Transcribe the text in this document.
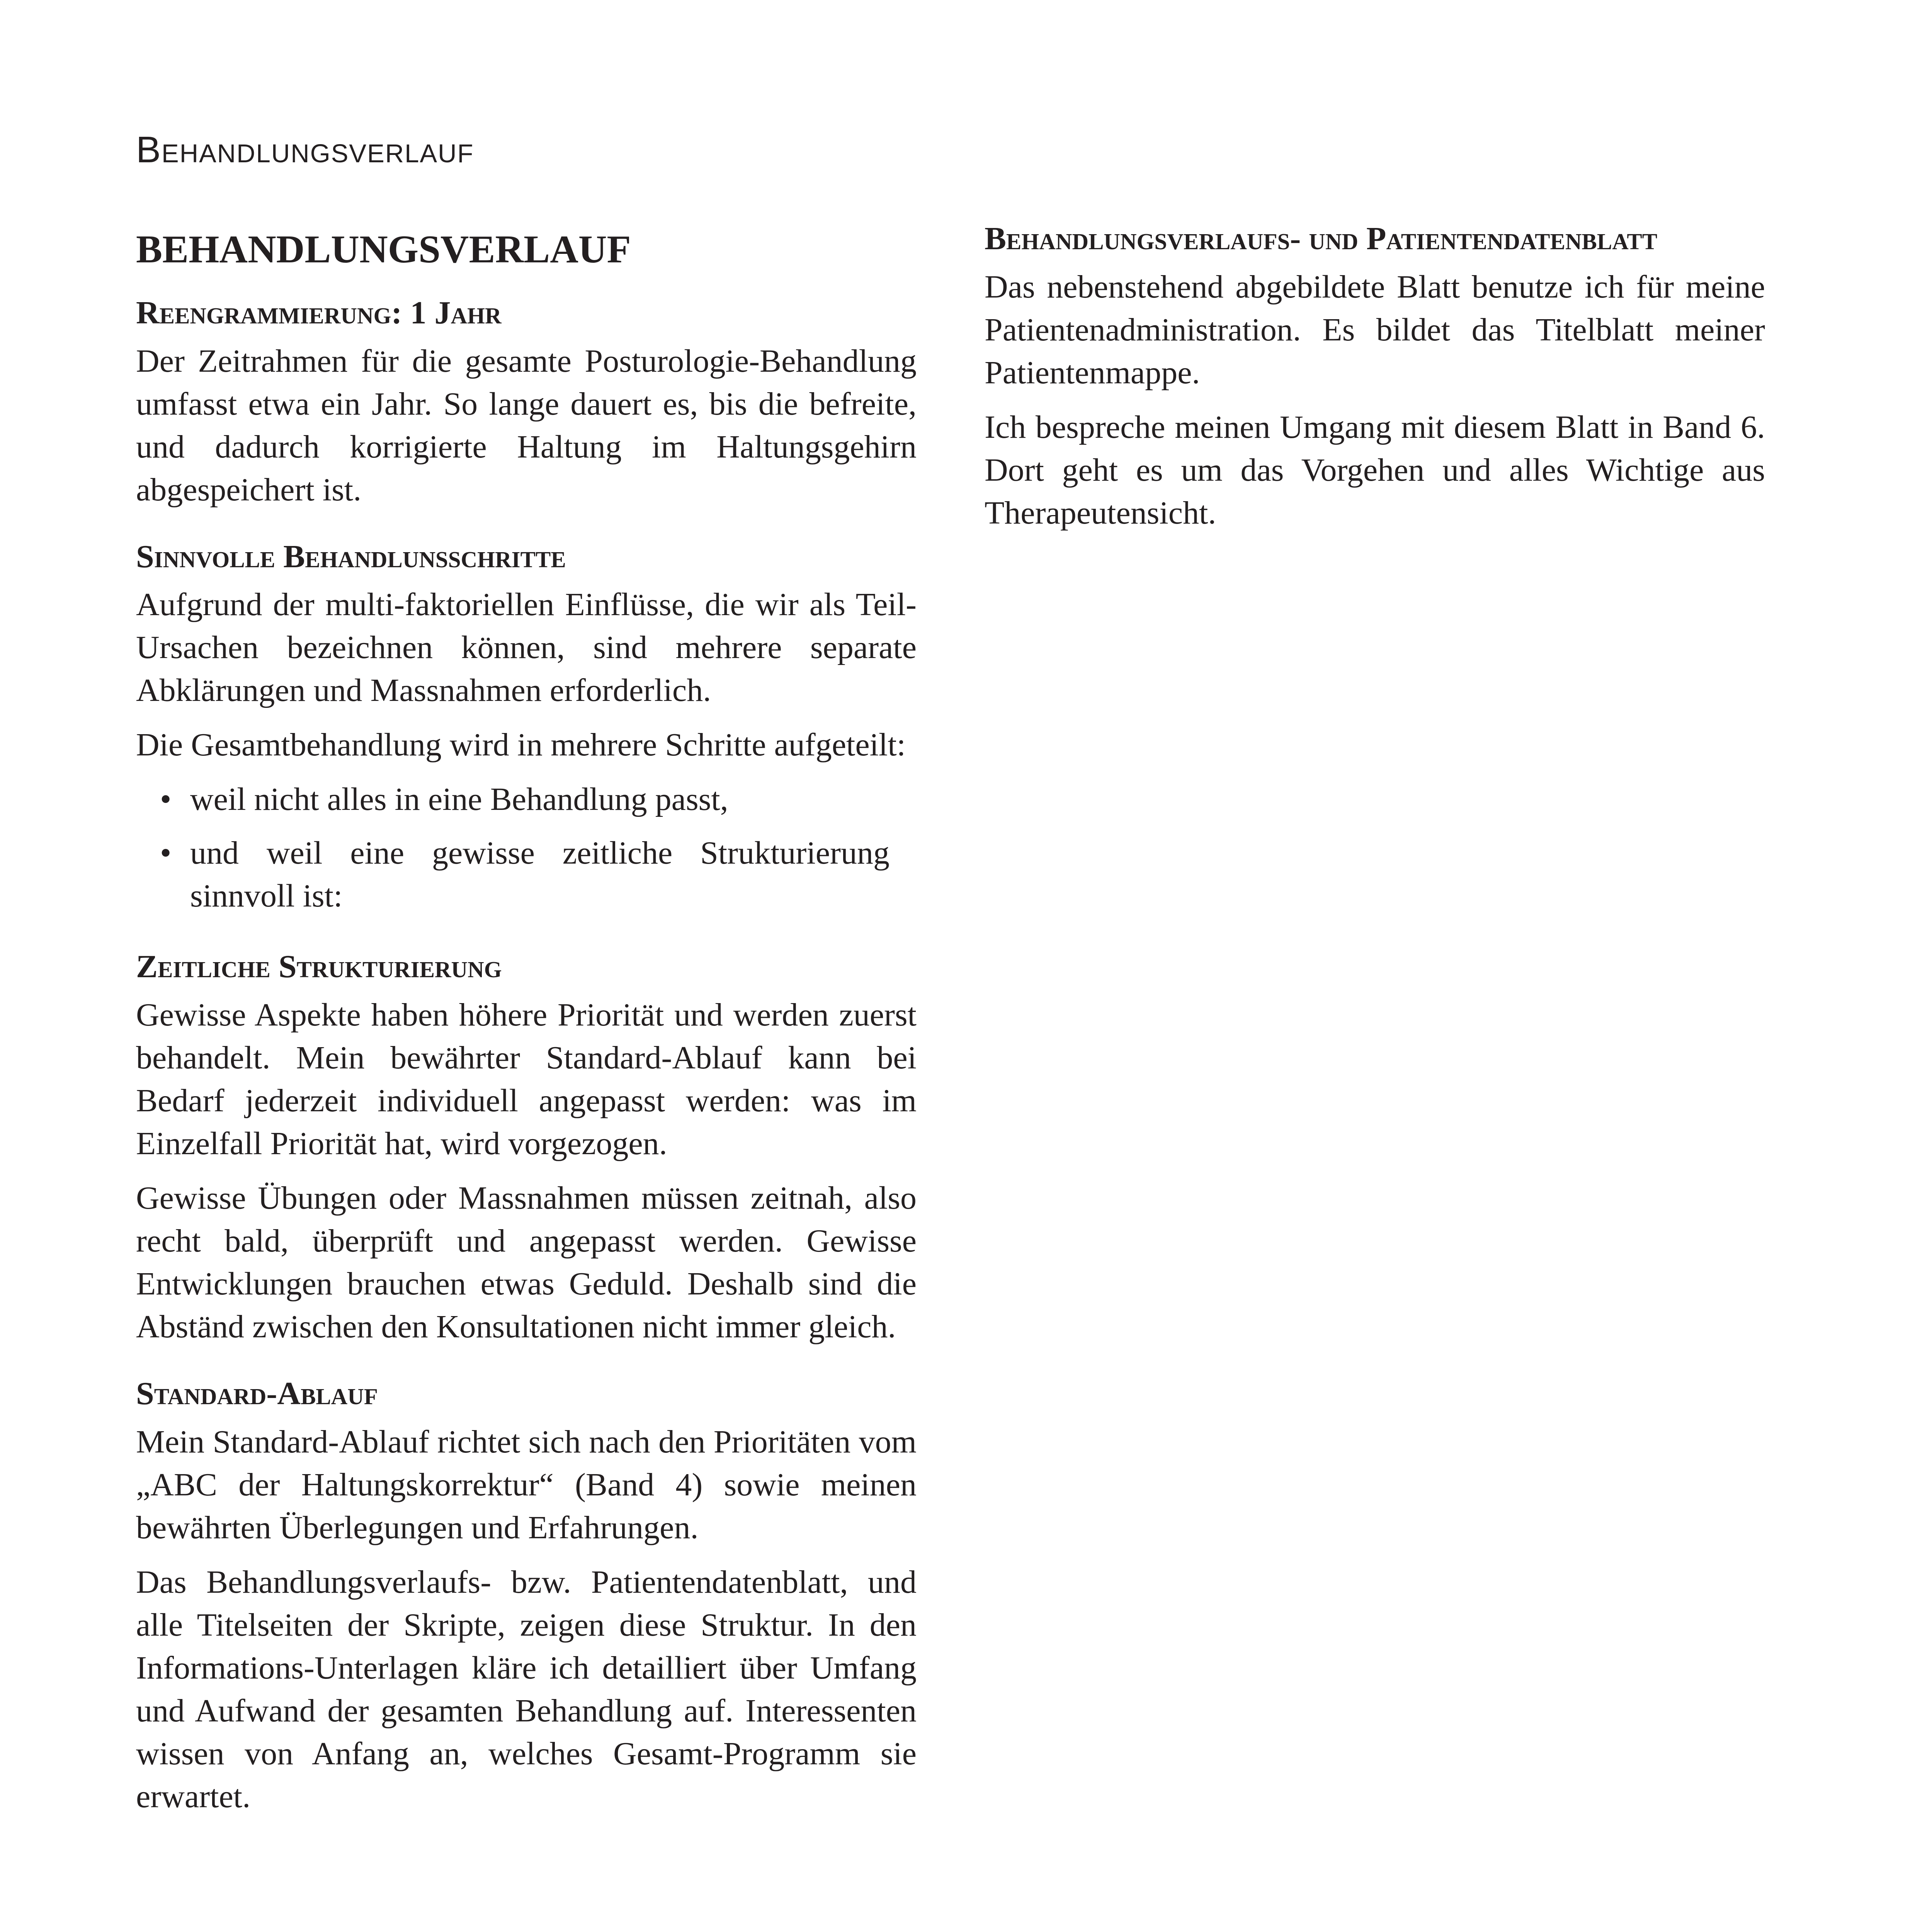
Behandlungsverlauf
BEHANDLUNGSVERLAUF
Reengrammierung: 1 Jahr

Der Zeitrahmen für die gesamte Posturologie-Behandlung umfasst etwa ein Jahr. So lange dauert es, bis die befreite, und dadurch korrigierte Haltung im Haltungsgehirn abgespeichert ist.

Sinnvolle Behandlunsschritte

Aufgrund der multi-faktoriellen Einflüsse, die wir als Teil-Ursachen bezeichnen können, sind mehrere separate Abklärungen und Massnahmen erforderlich.

Die Gesamtbehandlung wird in mehrere Schritte aufgeteilt:

• weil nicht alles in eine Behandlung passt,
• und weil eine gewisse zeitliche Strukturierung sinnvoll ist:
Zeitliche Strukturierung

Gewisse Aspekte haben höhere Priorität und werden zuerst behandelt. Mein bewährter Standard-Ablauf kann bei Bedarf jederzeit individuell angepasst werden: was im Einzelfall Priorität hat, wird vorgezogen.

Gewisse Übungen oder Massnahmen müssen zeitnah, also recht bald, überprüft und angepasst werden. Gewisse Entwicklungen brauchen etwas Geduld. Deshalb sind die Abständ zwischen den Konsultationen nicht immer gleich.

Standard-Ablauf

Mein Standard-Ablauf richtet sich nach den Prioritäten vom „ABC der Haltungskorrektur“ (Band 4) sowie meinen bewährten Überlegungen und Erfahrungen.

Das Behandlungsverlaufs- bzw. Patientendatenblatt, und alle Titelseiten der Skripte, zeigen diese Struktur. In den Informations-Unterlagen kläre ich detailliert über Umfang und Aufwand der gesamten Behandlung auf. Interessenten wissen von Anfang an, welches Gesamt-Programm sie erwartet.

Behandlungsverlaufs- und Patientendatenblatt

Das nebenstehend abgebildete Blatt benutze ich für meine Patientenadministration. Es bildet das Titelblatt meiner Patientenmappe.

Ich bespreche meinen Umgang mit diesem Blatt in Band 6. Dort geht es um das Vorgehen und alles Wichtige aus Therapeutensicht.
